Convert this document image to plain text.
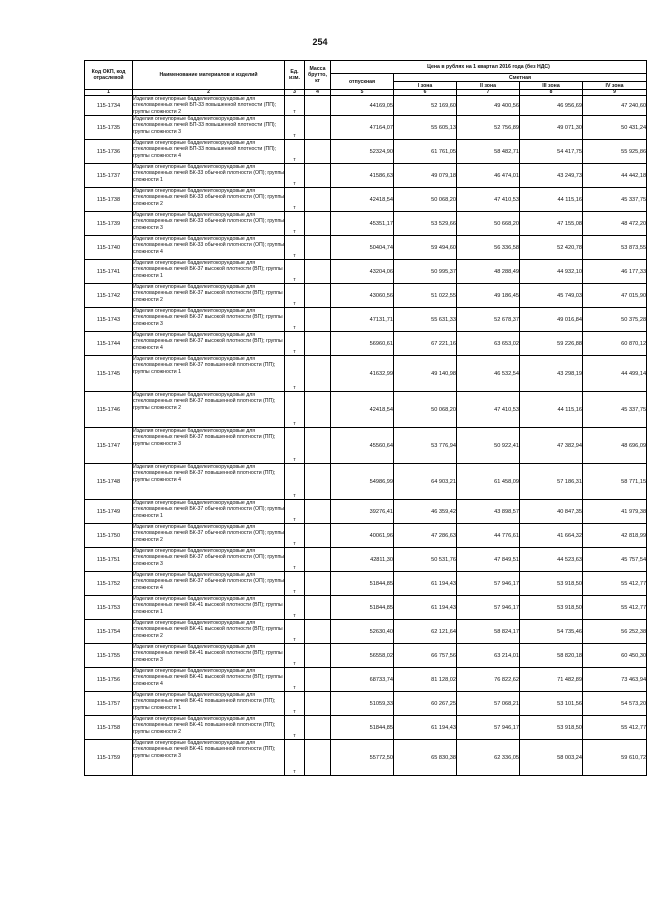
254
Код ОКП, код отраслевой	Наименование материалов и изделий	Ед. изм.	Масса брутто, кг	Цена в рублях на 1 квартал 2016 года (без НДС)				
				отпускная	Сметная			
					I зона	II зона	III зона	IV зона
1	2	3	4	5	6	7	8	9
115-1734	Изделия огнеупорные бадделеитокорундовые для стекловаренных печей БП-33 повышенной плотности (ПП); группы сложности 2	т		44169,05	52 169,60	49 400,56	46 956,69	47 240,60
115-1735	Изделия огнеупорные бадделеитокорундовые для стекловаренных печей БП-33 повышенной плотности (ПП); группы сложности 3	т		47164,07	55 605,13	52 756,89	49 071,30	50 431,24
115-1736	Изделия огнеупорные бадделеитокорундовые для стекловаренных печей БП-33 повышенной плотности (ПП); группы сложности 4	т		52324,90	61 761,05	58 482,71	54 417,75	55 925,86
115-1737	Изделия огнеупорные бадделеитокорундовые для стекловаренных печей БК-33 обычной плотности (ОП); группы сложности 1	т		41586,63	49 079,18	46 474,01	43 249,73	44 442,18
115-1738	Изделия огнеупорные бадделеитокорундовые для стекловаренных печей БК-33 обычной плотности (ОП); группы сложности 2	т		42418,54	50 068,20	47 410,53	44 115,16	45 337,75
115-1739	Изделия огнеупорные бадделеитокорундовые для стекловаренных печей БК-33 обычной плотности (ОП); группы сложности 3	т		45351,17	53 529,66	50 668,20	47 155,08	48 472,20
115-1740	Изделия огнеупорные бадделеитокорундовые для стекловаренных печей БК-33 обычной плотности (ОП); группы сложности 4	т		50404,74	59 494,60	56 336,58	52 420,78	53 873,55
115-1741	Изделия огнеупорные бадделеитокорундовые для стекловаренных печей БК-37 высокой плотности (ВП); группы сложности 1	т		43204,06	50 995,37	48 288,49	44 932,10	46 177,33
115-1742	Изделия огнеупорные бадделеитокорундовые для стекловаренных печей БК-37 высокой плотности (ВП); группы сложности 2	т		43060,56	51 022,55	49 186,45	45 749,03	47 015,90
115-1743	Изделия огнеупорные бадделеитокорундовые для стекловаренных печей БК-37 высокой плотности (ВП); группы сложности 3	т		47131,71	55 631,33	52 678,37	49 016,84	50 375,28
115-1744	Изделия огнеупорные бадделеитокорундовые для стекловаренных печей БК-37 высокой плотности (ВП); группы сложности 4	т		56960,61	67 221,16	63 653,02	59 226,88	60 870,12
115-1745	Изделия огнеупорные бадделеитокорундовые для стекловаренных печей БК-37 повышенной плотности (ПП); группы сложности 1	т		41632,99	49 140,98	46 532,54	43 298,19	44 499,14
115-1746	Изделия огнеупорные бадделеитокорундовые для стекловаренных печей БК-37 повышенной плотности (ПП); группы сложности 2	т		42418,54	50 068,20	47 410,53	44 115,16	45 337,75
115-1747	Изделия огнеупорные бадделеитокорундовые для стекловаренных печей БК-37 повышенной плотности (ПП); группы сложности 3	т		45560,64	53 776,94	50 922,41	47 382,94	48 696,09
115-1748	Изделия огнеупорные бадделеитокорундовые для стекловаренных печей БК-37 повышенной плотности (ПП); группы сложности 4	т		54986,99	64 903,21	61 458,09	57 186,31	58 771,15
115-1749	Изделия огнеупорные бадделеитокорундовые для стекловаренных печей БК-37 обычной плотности (ОП); группы сложности 1	т		39276,41	46 359,42	43 898,57	40 847,35	41 979,38
115-1750	Изделия огнеупорные бадделеитокорундовые для стекловаренных печей БК-37 обычной плотности (ОП); группы сложности 2	т		40061,96	47 286,63	44 776,61	41 664,32	42 818,99
115-1751	Изделия огнеупорные бадделеитокорундовые для стекловаренных печей БК-37 обычной плотности (ОП); группы сложности 3	т		42811,30	50 531,76	47 849,51	44 523,63	45 757,54
115-1752	Изделия огнеупорные бадделеитокорундовые для стекловаренных печей БК-37 обычной плотности (ОП); группы сложности 4	т		51844,85	61 194,43	57 946,17	53 918,50	55 412,77
115-1753	Изделия огнеупорные бадделеитокорундовые для стекловаренных печей БК-41 высокой плотности (ВП); группы сложности 1	т		51844,85	61 194,43	57 946,17	53 918,50	55 412,77
115-1754	Изделия огнеупорные бадделеитокорундовые для стекловаренных печей БК-41 высокой плотности (ВП); группы сложности 2	т		52630,40	62 121,64	58 824,17	54 735,46	56 252,38
115-1755	Изделия огнеупорные бадделеитокорундовые для стекловаренных печей БК-41 высокой плотности (ВП); группы сложности 3	т		56558,02	66 757,56	63 214,01	58 820,18	60 450,30
115-1756	Изделия огнеупорные бадделеитокорундовые для стекловаренных печей БК-41 высокой плотности (ВП); группы сложности 4	т		68733,74	81 128,02	76 822,62	71 482,89	73 463,94
115-1757	Изделия огнеупорные бадделеитокорундовые для стекловаренных печей БК-41 повышенной плотности (ПП); группы сложности 1	т		51059,33	60 267,25	57 068,21	53 101,56	54 573,20
115-1758	Изделия огнеупорные бадделеитокорундовые для стекловаренных печей БК-41 повышенной плотности (ПП); группы сложности 2	т		51844,85	61 194,43	57 946,17	53 918,50	55 412,77
115-1759	Изделия огнеупорные бадделеитокорундовые для стекловаренных печей БК-41 повышенной плотности (ПП); группы сложности 3	т		55772,50	65 830,38	62 336,05	58 003,24	59 610,72
